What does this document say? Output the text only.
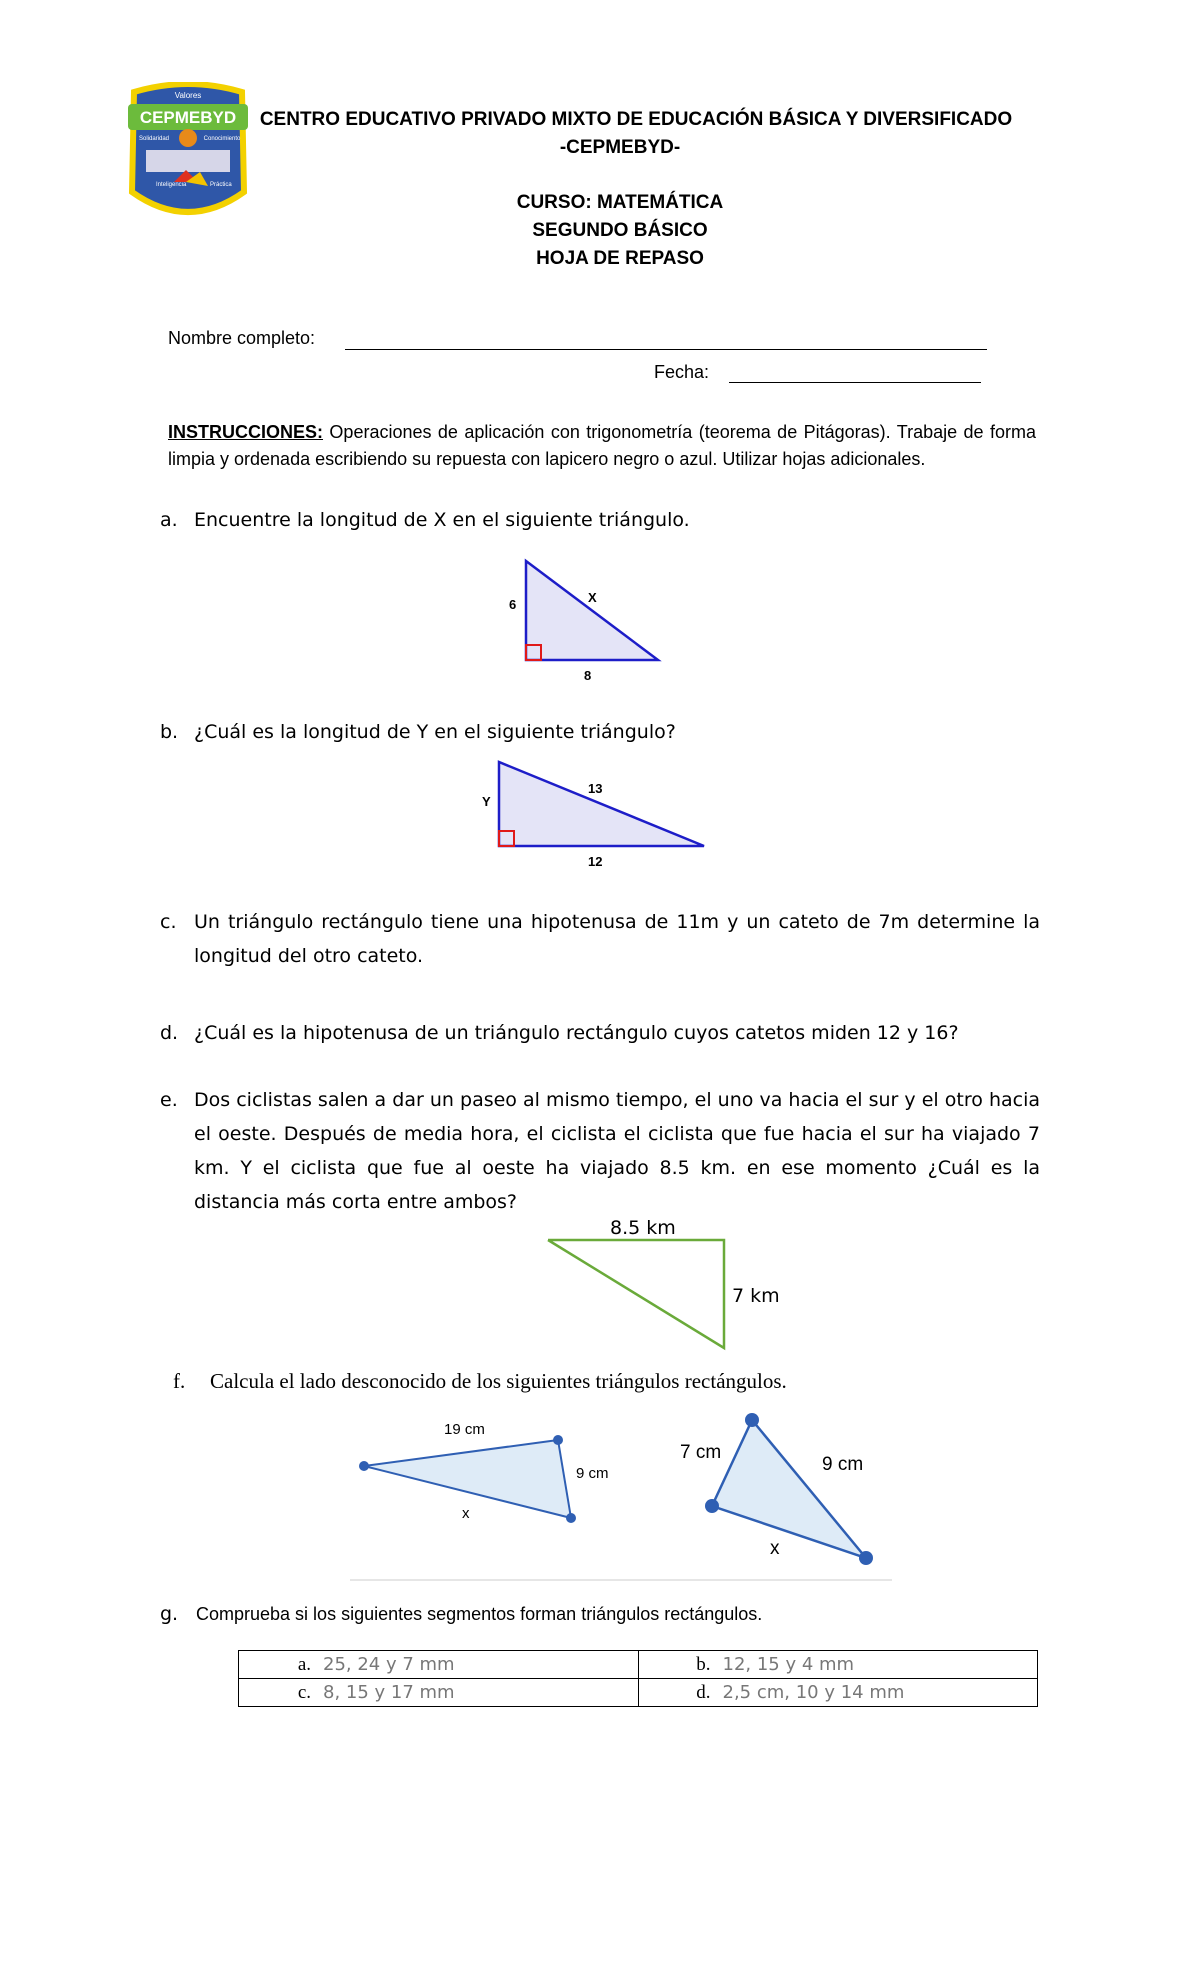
CEPMEBYD
Valores
Solidaridad	Conocimiento
Inteligencia	Práctica
CENTRO EDUCATIVO PRIVADO MIXTO DE EDUCACIÓN BÁSICA Y DIVERSIFICADO
-CEPMEBYD-
CURSO: MATEMÁTICA
SEGUNDO BÁSICO
HOJA DE REPASO
Nombre completo:
Fecha:
INSTRUCCIONES: Operaciones de aplicación con trigonometría (teorema de Pitágoras). Trabaje de forma limpia y ordenada escribiendo su repuesta con lapicero negro o azul. Utilizar hojas adicionales.
a. Encuentre la longitud de X en el siguiente triángulo.
6	X
8
b. ¿Cuál es la longitud de Y en el siguiente triángulo?
Y
13
12
c. Un triángulo rectángulo tiene una hipotenusa de 11m y un cateto de 7m determine la longitud del otro cateto.
d. ¿Cuál es la hipotenusa de un triángulo rectángulo cuyos catetos miden 12 y 16?
e. Dos ciclistas salen a dar un paseo al mismo tiempo, el uno va hacia el sur y el otro hacia el oeste. Después de media hora, el ciclista el ciclista que fue hacia el sur ha viajado 7 km. Y el ciclista que fue al oeste ha viajado 8.5 km. en ese momento ¿Cuál es la distancia más corta entre ambos?
8.5 km
7 km
f. Calcula el lado desconocido de los siguientes triángulos rectángulos.
19 cm
9 cm
x
7 cm
9 cm
x
g. Comprueba si los siguientes segmentos forman triángulos rectángulos.
a. 25, 24 y 7 mm	b. 12, 15 y 4 mm
c. 8, 15 y 17 mm	d. 2,5 cm, 10 y 14 mm
